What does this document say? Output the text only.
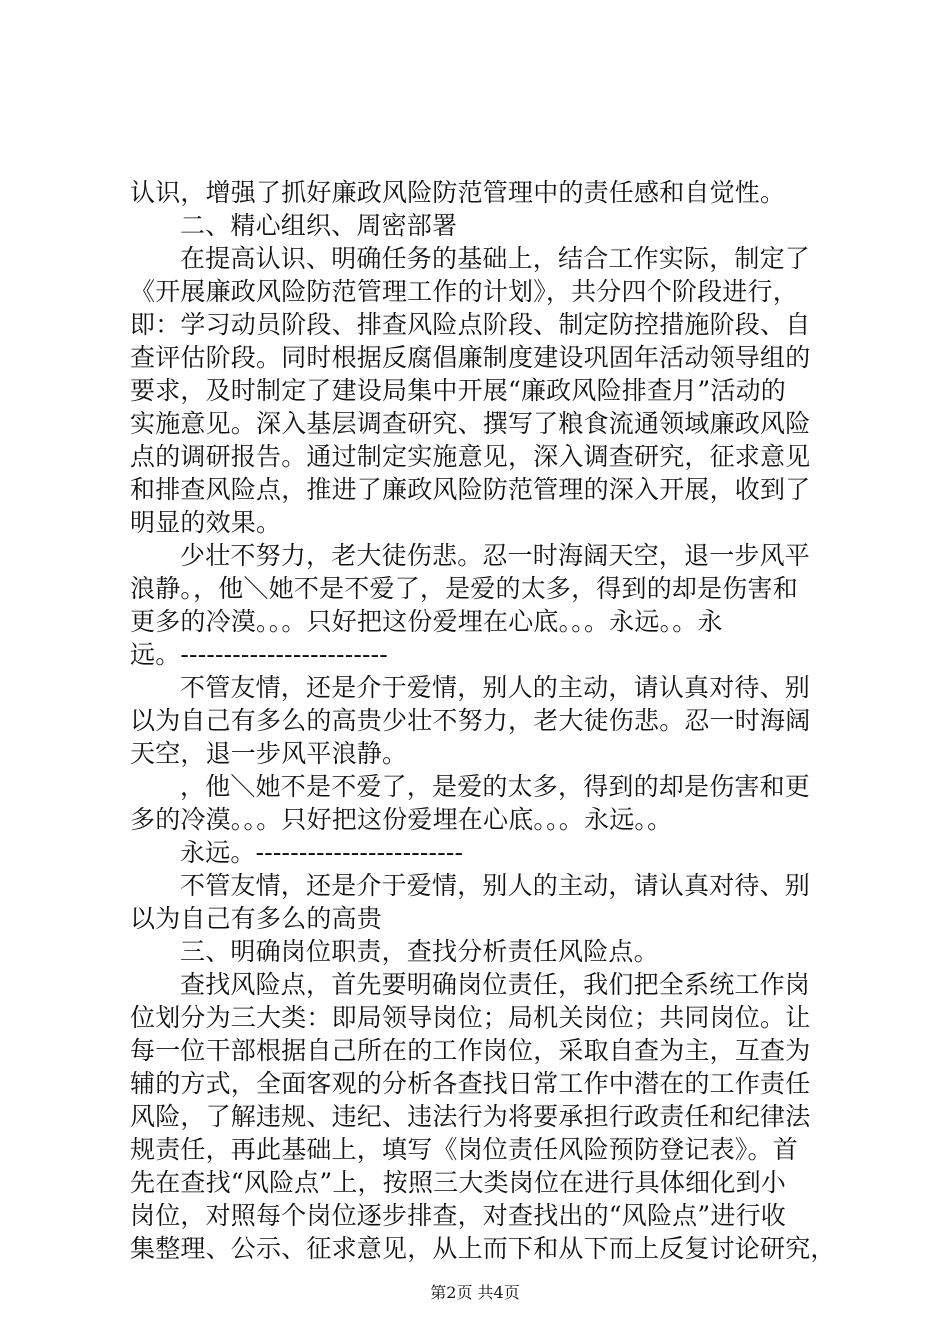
认识，增强了抓好廉政风险防范管理中的责任感和自觉性。
二、精心组织、周密部署
在提高认识、明确任务的基础上，结合工作实际，制定了
《开展廉政风险防范管理工作的计划》，共分四个阶段进行，
即：学习动员阶段、排查风险点阶段、制定防控措施阶段、自
查评估阶段。同时根据反腐倡廉制度建设巩固年活动领导组的
要求，及时制定了建设局集中开展“廉政风险排查月”活动的
实施意见。深入基层调查研究、撰写了粮食流通领域廉政风险
点的调研报告。通过制定实施意见，深入调查研究，征求意见
和排查风险点，推进了廉政风险防范管理的深入开展，收到了
明显的效果。
少壮不努力，老大徒伤悲。忍一时海阔天空，退一步风平
浪静。，他＼她不是不爱了，是爱的太多，得到的却是伤害和
更多的冷漠。。。只好把这份爱埋在心底。。。永远。。永
远。------------------------
不管友情，还是介于爱情，别人的主动，请认真对待、别
以为自己有多么的高贵少壮不努力，老大徒伤悲。忍一时海阔
天空，退一步风平浪静。
，他＼她不是不爱了，是爱的太多，得到的却是伤害和更
多的冷漠。。。只好把这份爱埋在心底。。。永远。。
永远。------------------------
不管友情，还是介于爱情，别人的主动，请认真对待、别
以为自己有多么的高贵
三、明确岗位职责，查找分析责任风险点。
查找风险点，首先要明确岗位责任，我们把全系统工作岗
位划分为三大类：即局领导岗位；局机关岗位；共同岗位。让
每一位干部根据自己所在的工作岗位，采取自查为主，互查为
辅的方式，全面客观的分析各查找日常工作中潜在的工作责任
风险，了解违规、违纪、违法行为将要承担行政责任和纪律法
规责任，再此基础上，填写《岗位责任风险预防登记表》。首
先在查找“风险点”上，按照三大类岗位在进行具体细化到小
岗位，对照每个岗位逐步排查，对查找出的“风险点”进行收
集整理、公示、征求意见，从上而下和从下而上反复讨论研究，
第2页 共4页
